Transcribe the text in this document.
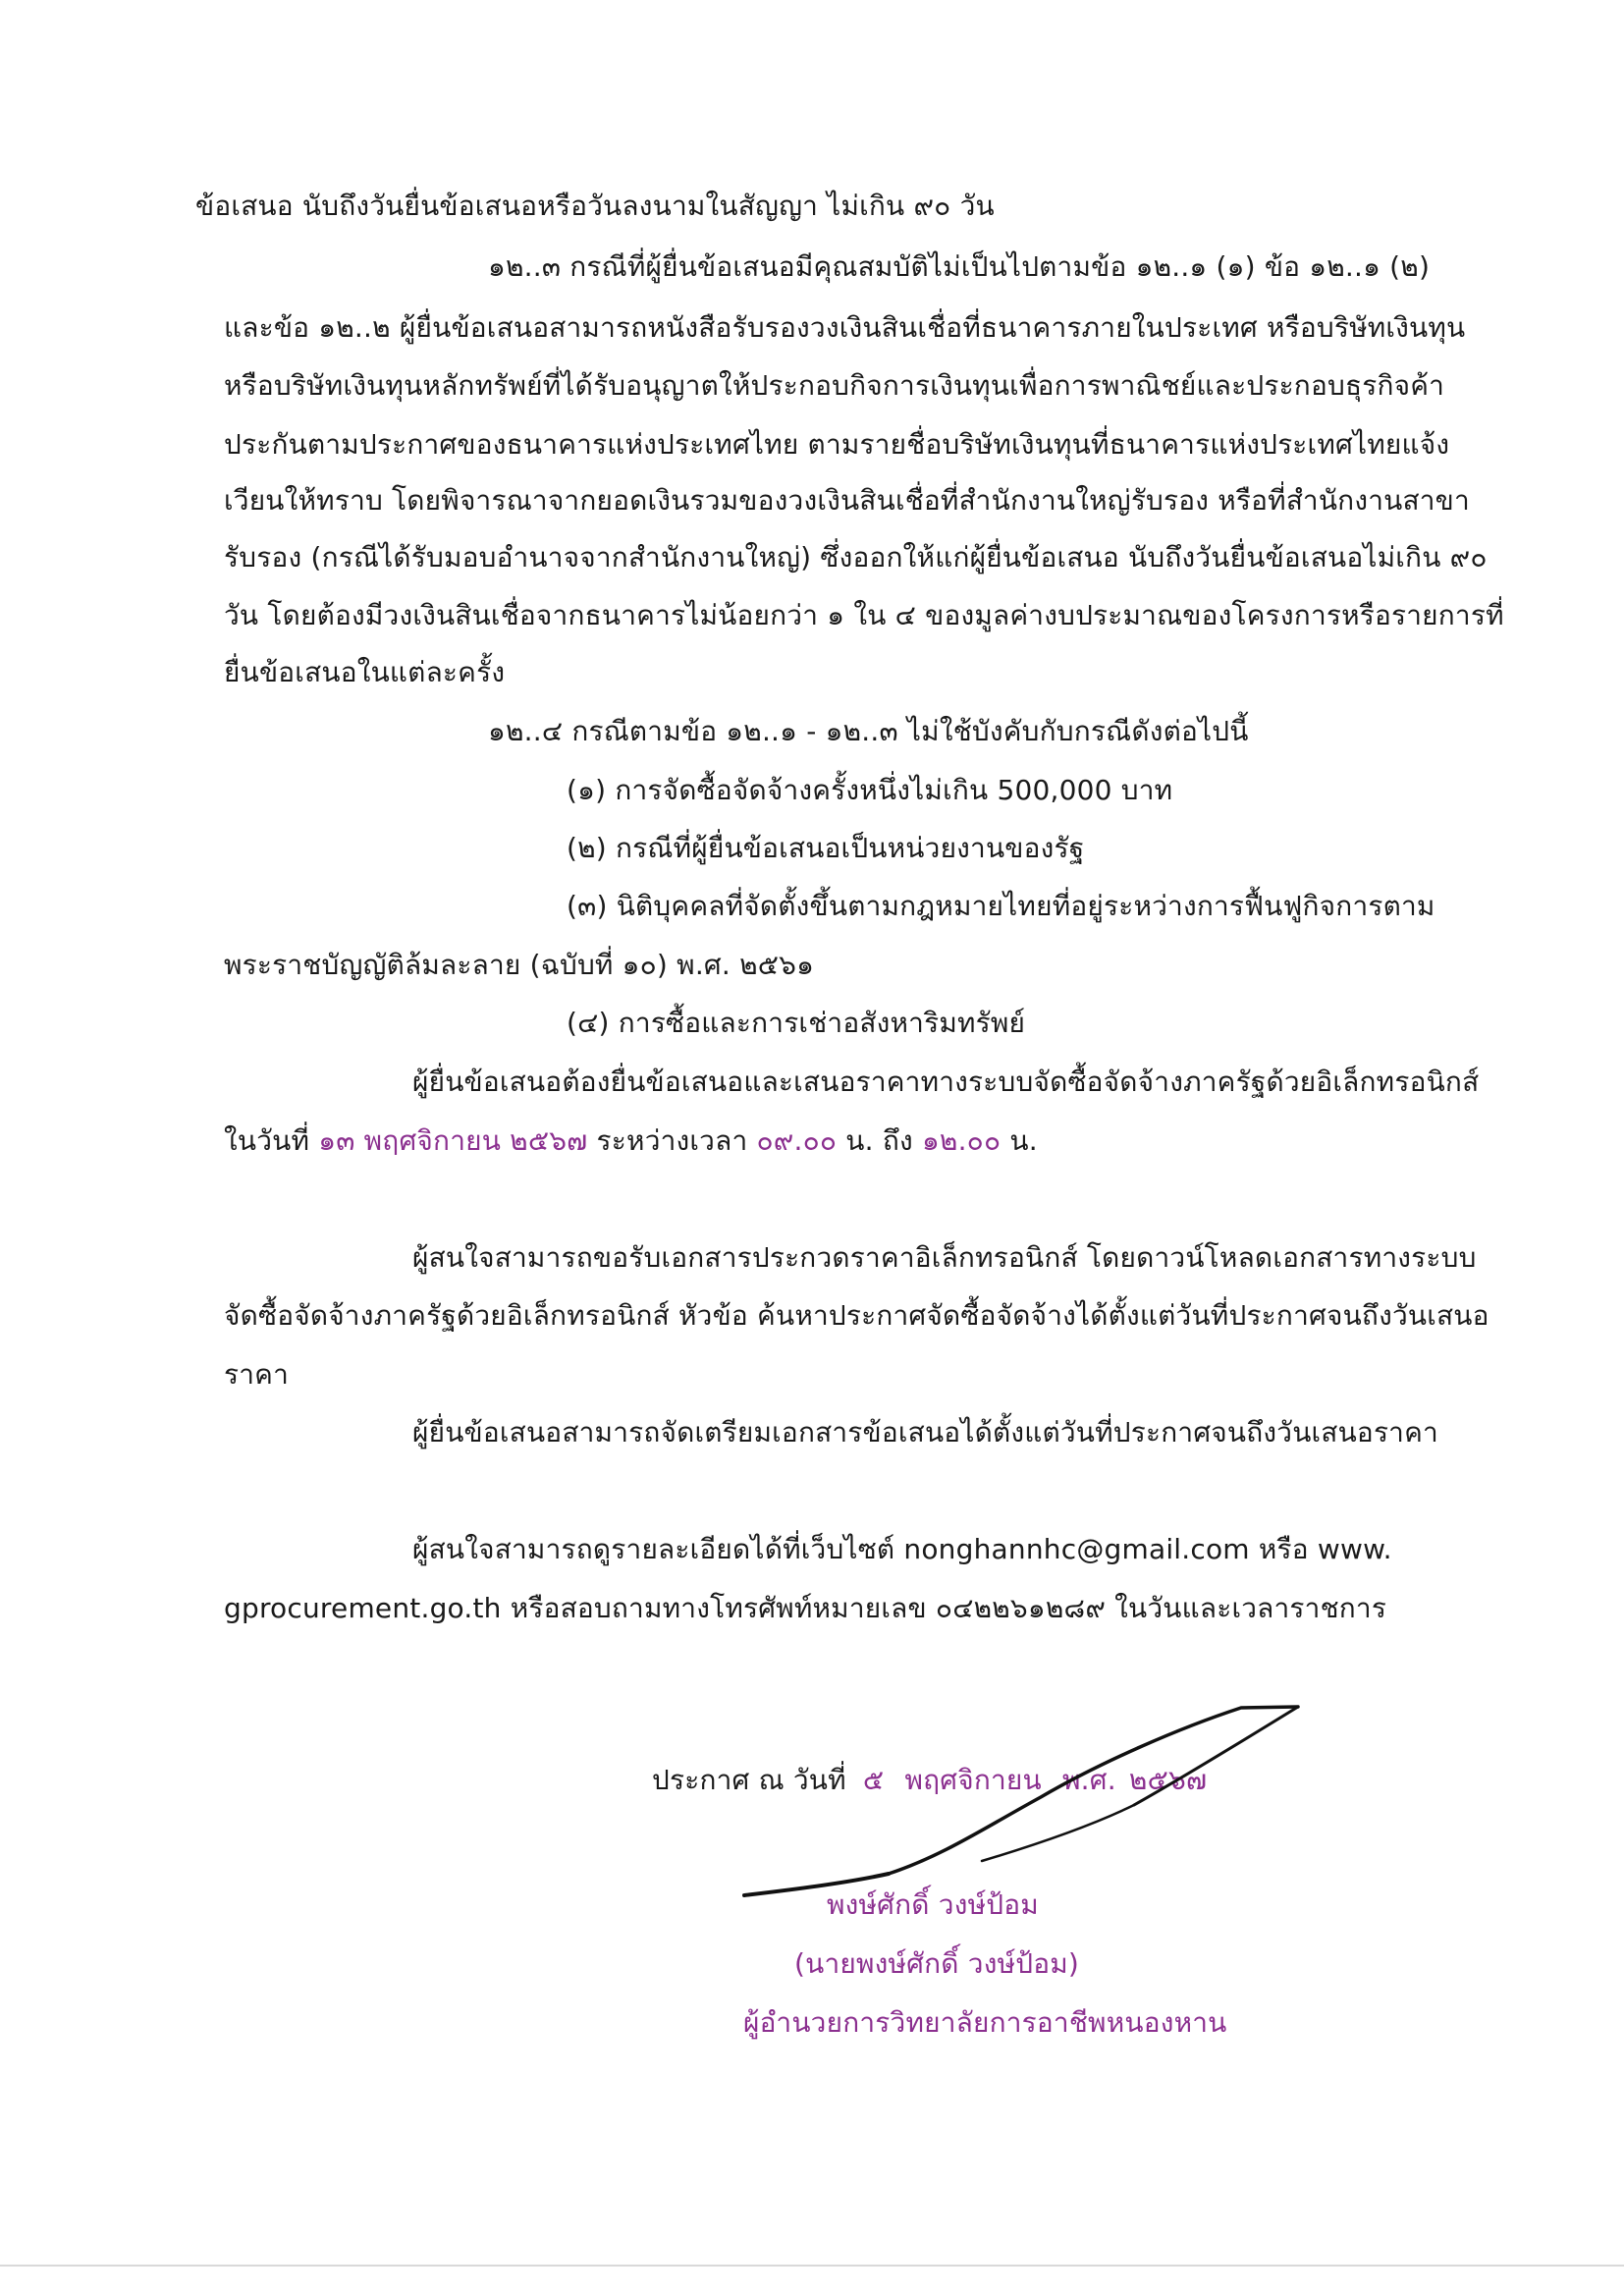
ข้อเสนอ นับถึงวันยื่นข้อเสนอหรือวันลงนามในสัญญา ไม่เกิน ๙๐ วัน
๑๒..๓ กรณีที่ผู้ยื่นข้อเสนอมีคุณสมบัติไม่เป็นไปตามข้อ ๑๒..๑ (๑) ข้อ ๑๒..๑ (๒)
และข้อ ๑๒..๒ ผู้ยื่นข้อเสนอสามารถหนังสือรับรองวงเงินสินเชื่อที่ธนาคารภายในประเทศ หรือบริษัทเงินทุน
หรือบริษัทเงินทุนหลักทรัพย์ที่ได้รับอนุญาตให้ประกอบกิจการเงินทุนเพื่อการพาณิชย์และประกอบธุรกิจค้า
ประกันตามประกาศของธนาคารแห่งประเทศไทย ตามรายชื่อบริษัทเงินทุนที่ธนาคารแห่งประเทศไทยแจ้ง
เวียนให้ทราบ โดยพิจารณาจากยอดเงินรวมของวงเงินสินเชื่อที่สำนักงานใหญ่รับรอง หรือที่สำนักงานสาขา
รับรอง (กรณีได้รับมอบอำนาจจากสำนักงานใหญ่) ซึ่งออกให้แก่ผู้ยื่นข้อเสนอ นับถึงวันยื่นข้อเสนอไม่เกิน ๙๐
วัน โดยต้องมีวงเงินสินเชื่อจากธนาคารไม่น้อยกว่า ๑ ใน ๔ ของมูลค่างบประมาณของโครงการหรือรายการที่
ยื่นข้อเสนอในแต่ละครั้ง
๑๒..๔ กรณีตามข้อ ๑๒..๑ - ๑๒..๓ ไม่ใช้บังคับกับกรณีดังต่อไปนี้
(๑) การจัดซื้อจัดจ้างครั้งหนึ่งไม่เกิน 500,000 บาท
(๒) กรณีที่ผู้ยื่นข้อเสนอเป็นหน่วยงานของรัฐ
(๓) นิติบุคคลที่จัดตั้งขึ้นตามกฎหมายไทยที่อยู่ระหว่างการฟื้นฟูกิจการตาม
พระราชบัญญัติล้มละลาย (ฉบับที่ ๑๐) พ.ศ. ๒๕๖๑
(๔) การซื้อและการเช่าอสังหาริมทรัพย์
ผู้ยื่นข้อเสนอต้องยื่นข้อเสนอและเสนอราคาทางระบบจัดซื้อจัดจ้างภาครัฐด้วยอิเล็กทรอนิกส์
ในวันที่ ๑๓ พฤศจิกายน ๒๕๖๗ ระหว่างเวลา ๐๙.๐๐ น. ถึง ๑๒.๐๐ น.
ผู้สนใจสามารถขอรับเอกสารประกวดราคาอิเล็กทรอนิกส์ โดยดาวน์โหลดเอกสารทางระบบ
จัดซื้อจัดจ้างภาครัฐด้วยอิเล็กทรอนิกส์ หัวข้อ ค้นหาประกาศจัดซื้อจัดจ้างได้ตั้งแต่วันที่ประกาศจนถึงวันเสนอ
ราคา
ผู้ยื่นข้อเสนอสามารถจัดเตรียมเอกสารข้อเสนอได้ตั้งแต่วันที่ประกาศจนถึงวันเสนอราคา
ผู้สนใจสามารถดูรายละเอียดได้ที่เว็บไซต์ nonghannhc@gmail.com หรือ www.
gprocurement.go.th หรือสอบถามทางโทรศัพท์หมายเลข ๐๔๒๒๖๑๒๘๙ ในวันและเวลาราชการ
ประกาศ ณ วันที่ ๕ พฤศจิกายน พ.ศ. ๒๕๖๗
พงษ์ศักดิ์ วงษ์ป้อม
(นายพงษ์ศักดิ์ วงษ์ป้อม)
ผู้อำนวยการวิทยาลัยการอาชีพหนองหาน
